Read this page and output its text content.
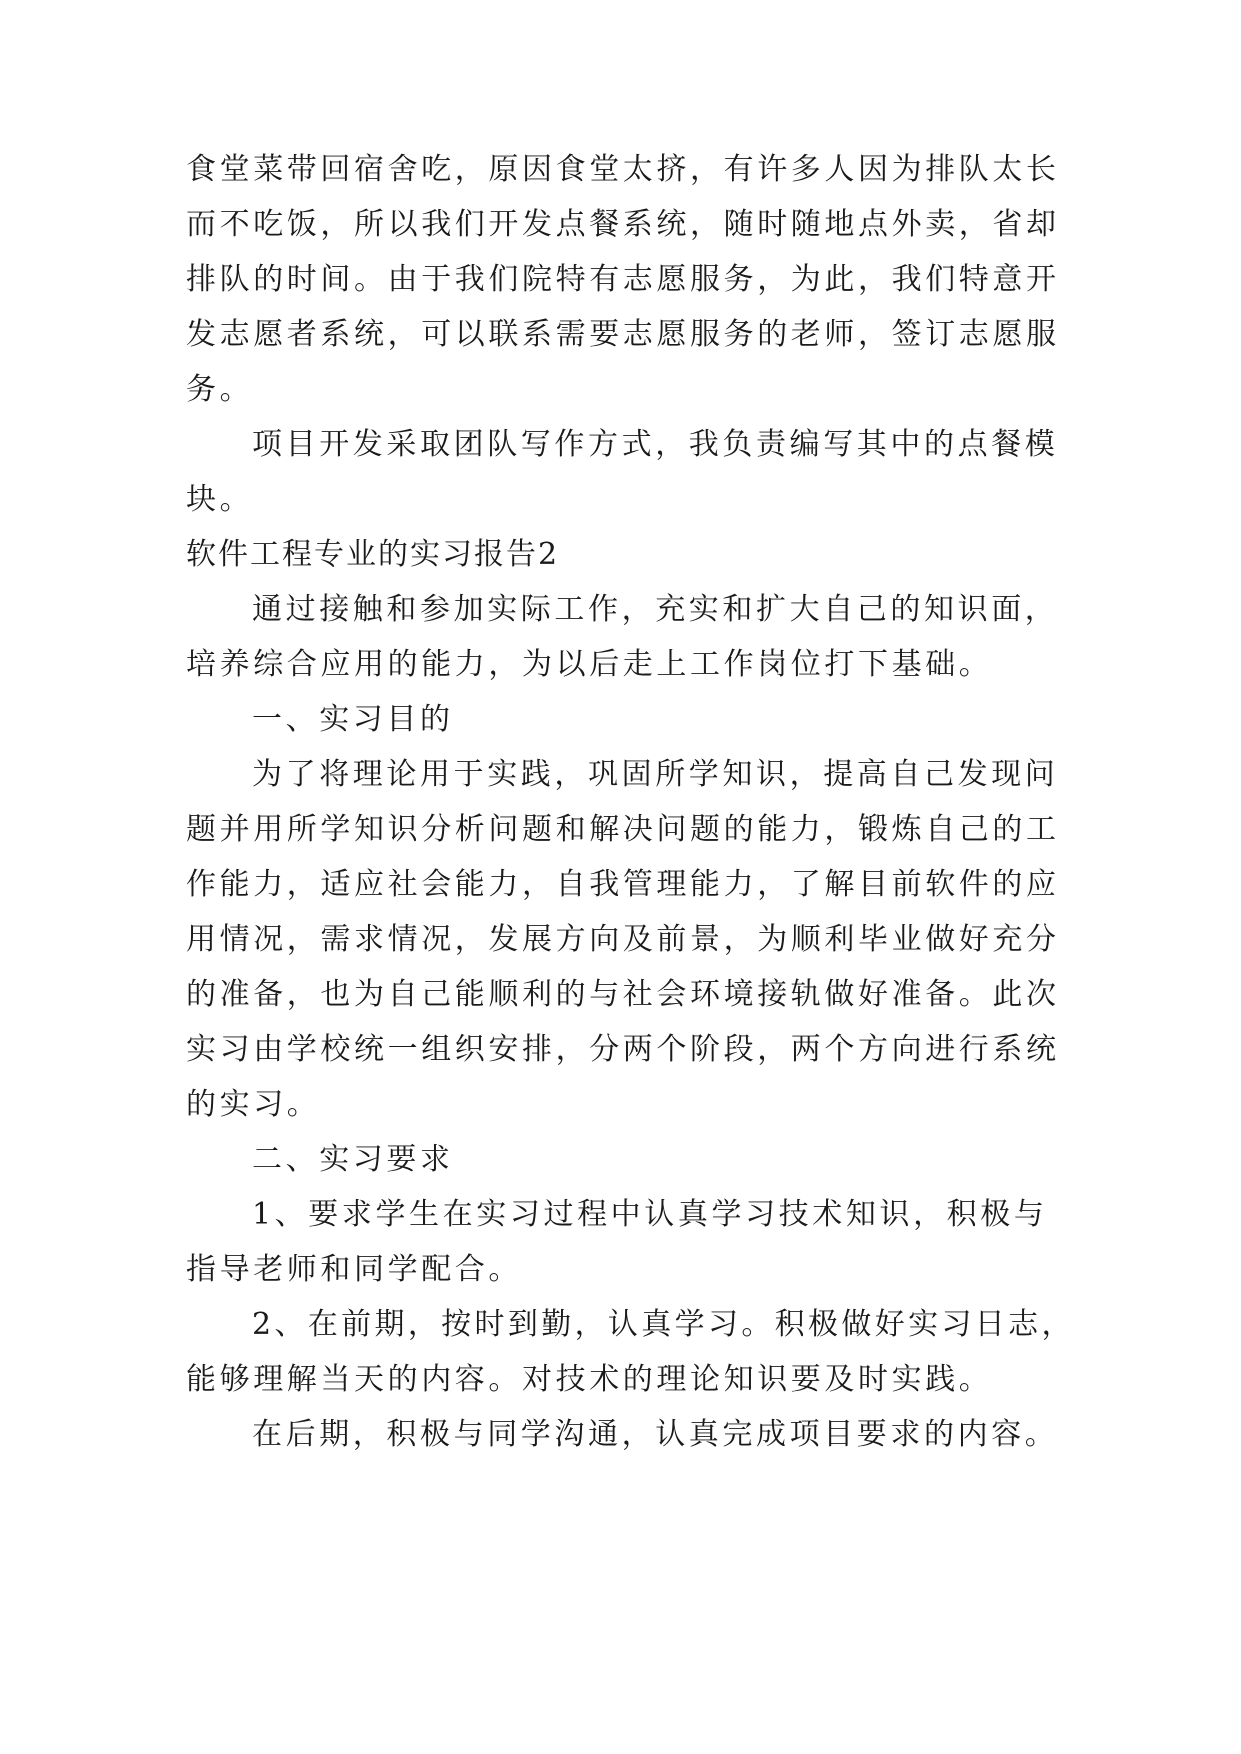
食堂菜带回宿舍吃，原因食堂太挤，有许多人因为排队太长
而不吃饭，所以我们开发点餐系统，随时随地点外卖，省却
排队的时间。由于我们院特有志愿服务，为此，我们特意开
发志愿者系统，可以联系需要志愿服务的老师，签订志愿服
务。
项目开发采取团队写作方式，我负责编写其中的点餐模
块。
软件工程专业的实习报告2
通过接触和参加实际工作，充实和扩大自己的知识面，
培养综合应用的能力，为以后走上工作岗位打下基础。
一、实习目的
为了将理论用于实践，巩固所学知识，提高自己发现问
题并用所学知识分析问题和解决问题的能力，锻炼自己的工
作能力，适应社会能力，自我管理能力，了解目前软件的应
用情况，需求情况，发展方向及前景，为顺利毕业做好充分
的准备，也为自己能顺利的与社会环境接轨做好准备。此次
实习由学校统一组织安排，分两个阶段，两个方向进行系统
的实习。
二、实习要求
1、要求学生在实习过程中认真学习技术知识，积极与
指导老师和同学配合。
2、在前期，按时到勤，认真学习。积极做好实习日志，
能够理解当天的内容。对技术的理论知识要及时实践。
在后期，积极与同学沟通，认真完成项目要求的内容。
